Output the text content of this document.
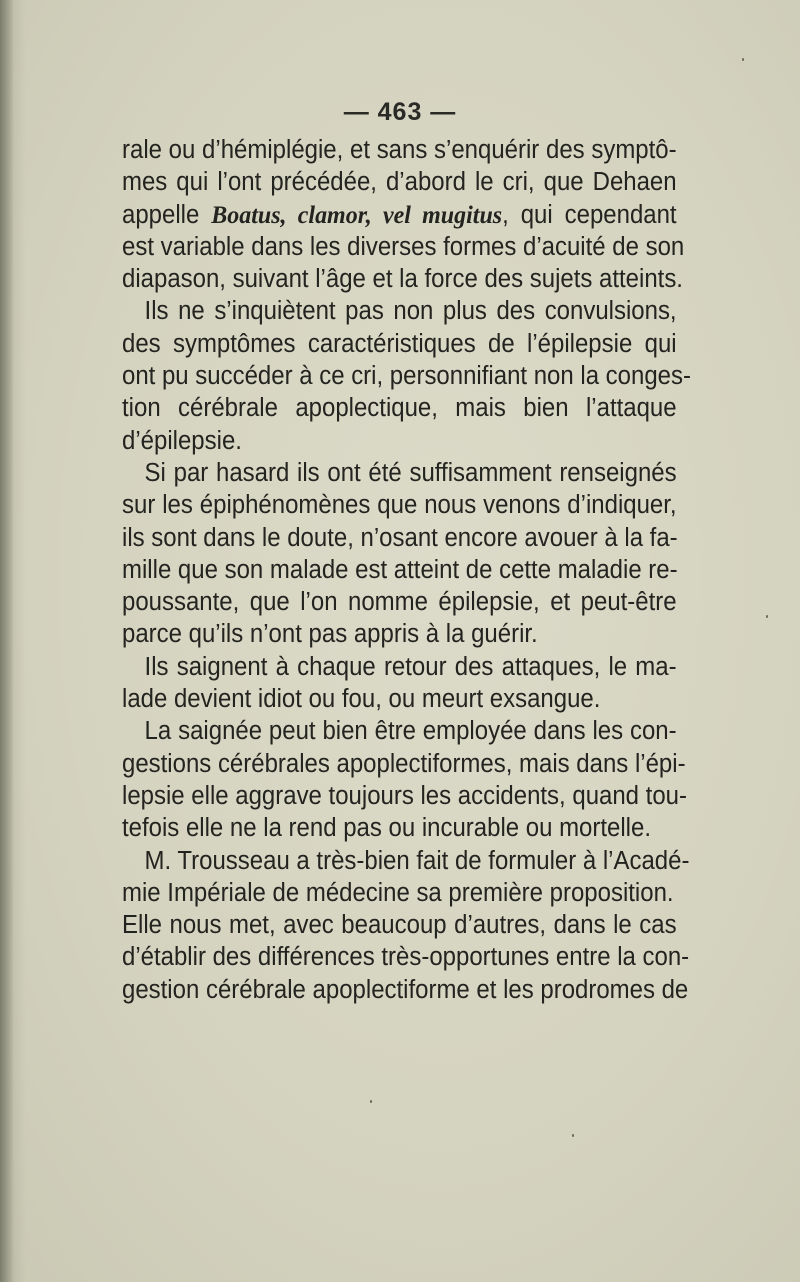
— 463 —
rale ou d’hémiplégie, et sans s’enquérir des symptô-
mes qui l’ont précédée, d’abord le cri, que Dehaen
appelle Boatus, clamor, vel mugitus, qui cependant
est variable dans les diverses formes d’acuité de son
diapason, suivant l’âge et la force des sujets atteints.
Ils ne s’inquiètent pas non plus des convulsions,
des symptômes caractéristiques de l’épilepsie qui
ont pu succéder à ce cri, personnifiant non la conges-
tion cérébrale apoplectique, mais bien l’attaque
d’épilepsie.
Si par hasard ils ont été suffisamment renseignés
sur les épiphénomènes que nous venons d’indiquer,
ils sont dans le doute, n’osant encore avouer à la fa-
mille que son malade est atteint de cette maladie re-
poussante, que l’on nomme épilepsie, et peut-être
parce qu’ils n’ont pas appris à la guérir.
Ils saignent à chaque retour des attaques, le ma-
lade devient idiot ou fou, ou meurt exsangue.
La saignée peut bien être employée dans les con-
gestions cérébrales apoplectiformes, mais dans l’épi-
lepsie elle aggrave toujours les accidents, quand tou-
tefois elle ne la rend pas ou incurable ou mortelle.
M. Trousseau a très-bien fait de formuler à l’Acadé-
mie Impériale de médecine sa première proposition.
Elle nous met, avec beaucoup d’autres, dans le cas
d’établir des différences très-opportunes entre la con-
gestion cérébrale apoplectiforme et les prodromes de
